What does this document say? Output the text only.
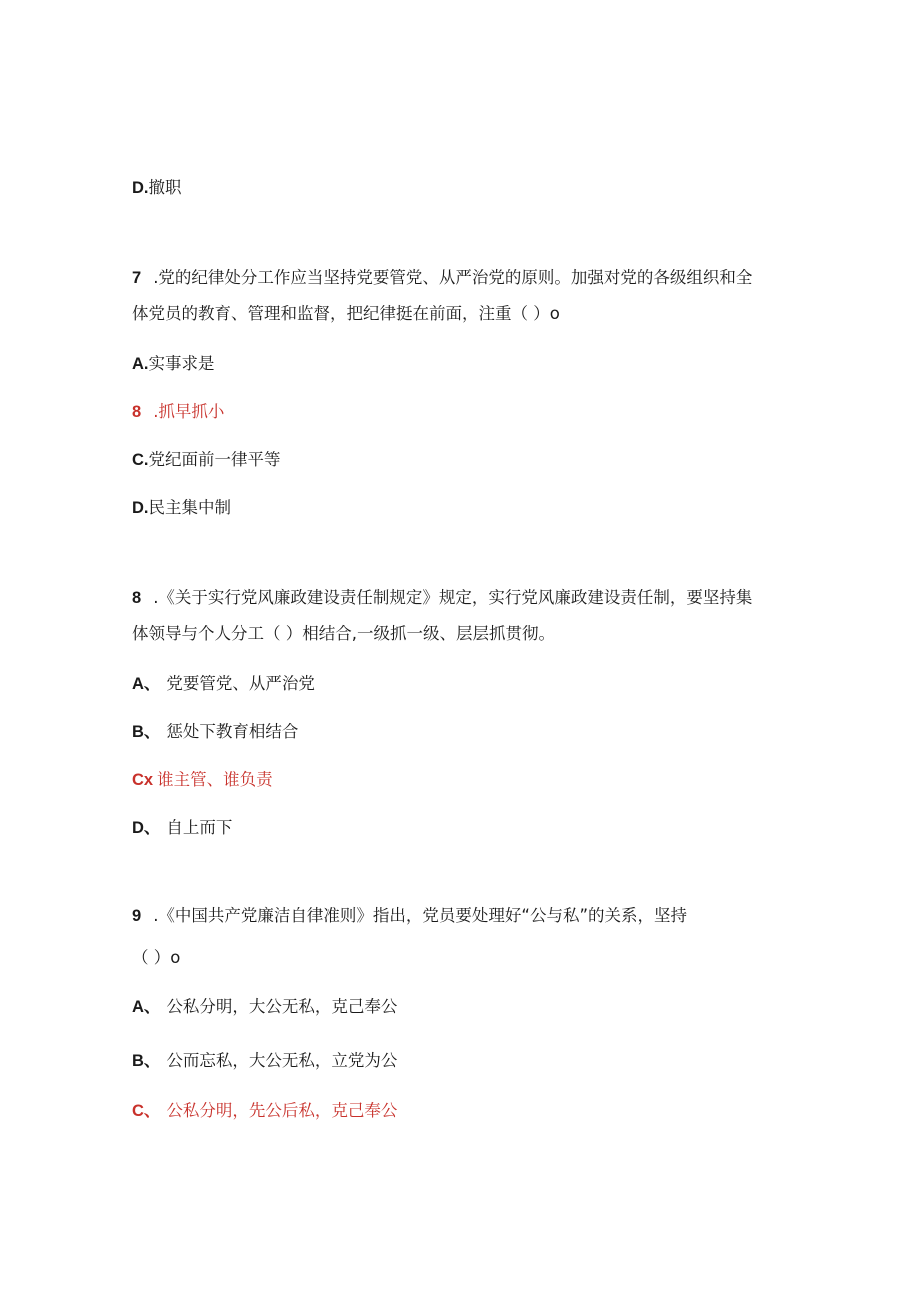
D.撤职
7 .党的纪律处分工作应当坚持党要管党、从严治党的原则。加强对党的各级组织和全
体党员的教育、管理和监督，把纪律挺在前面，注重（ ）o
A.实事求是
8 .抓早抓小
C.党纪面前一律平等
D.民主集中制
8 .《关于实行党风廉政建设责任制规定》规定，实行党风廉政建设责任制，要坚持集
体领导与个人分工（ ）相结合,一级抓一级、层层抓贯彻。
A、 党要管党、从严治党
B、 惩处下教育相结合
Cx 谁主管、谁负责
D、 自上而下
9 .《中国共产党廉洁自律准则》指出，党员要处理好“公与私”的关系，坚持
（ ）o
A、 公私分明，大公无私，克己奉公
B、 公而忘私，大公无私，立党为公
C、 公私分明，先公后私，克己奉公
